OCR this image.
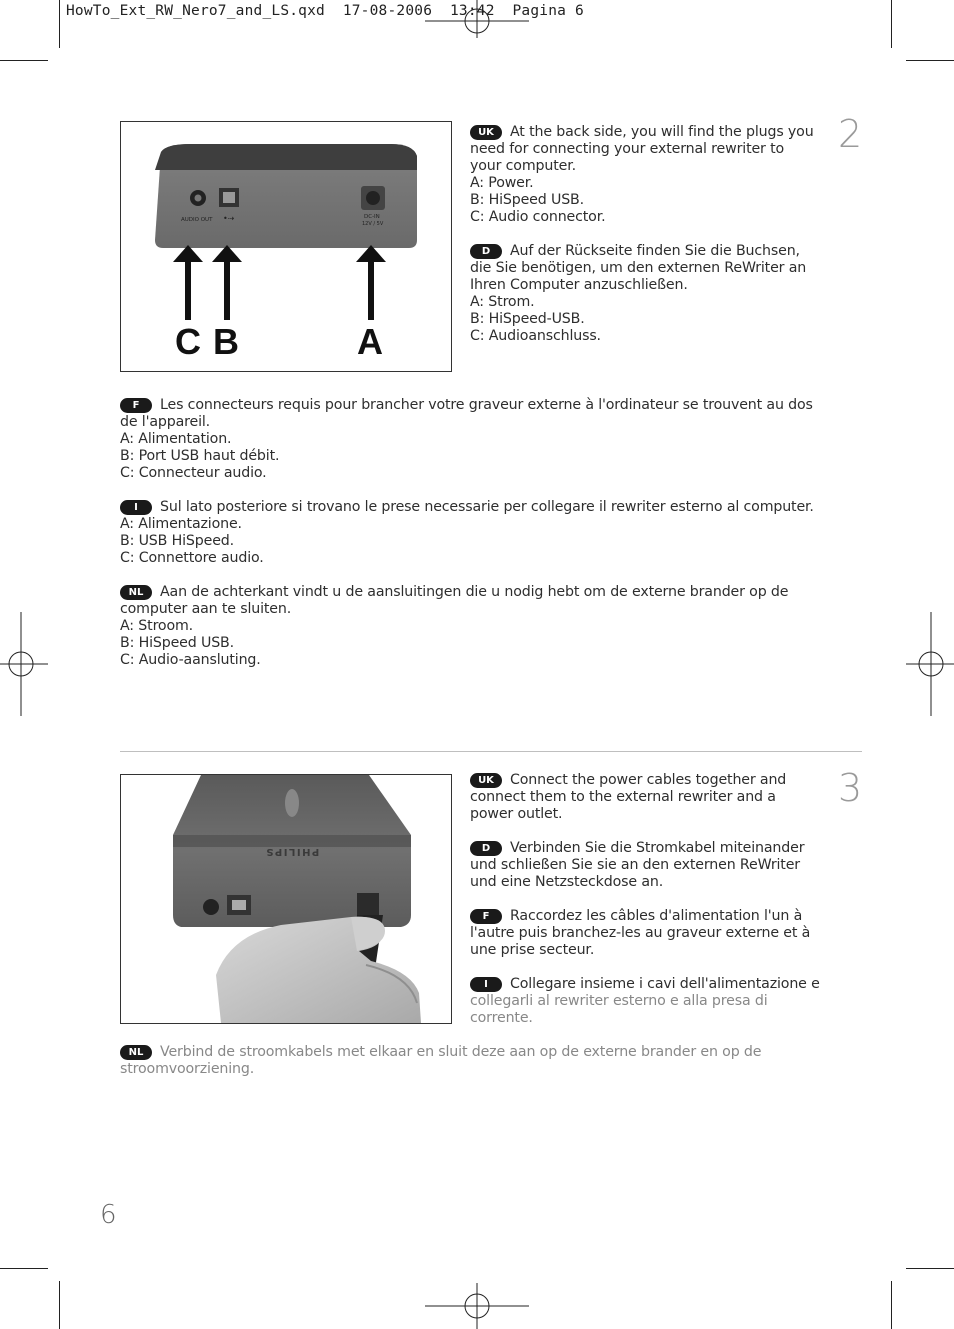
HowTo_Ext_RW_Nero7_and_LS.qxd  17-08-2006  13:42  Pagina 6
AUDIO OUT •⇢	DC-IN
12V / 5V
C B	A
2
UK At the back side, you will find the plugs you
need for connecting your external rewriter to
your computer.
A: Power.
B: HiSpeed USB.
C: Audio connector.
D Auf der Rückseite finden Sie die Buchsen,
die Sie benötigen, um den externen ReWriter an
Ihren Computer anzuschließen.
A: Strom.
B: HiSpeed-USB.
C: Audioanschluss.
F Les connecteurs requis pour brancher votre graveur externe à l'ordinateur se trouvent au dos
de l'appareil.
A: Alimentation.
B: Port USB haut débit.
C: Connecteur audio.
I Sul lato posteriore si trovano le prese necessarie per collegare il rewriter esterno al computer.
A: Alimentazione.
B: USB HiSpeed.
C: Connettore audio.
NL Aan de achterkant vindt u de aansluitingen die u nodig hebt om de externe brander op de
computer aan te sluiten.
A: Stroom.
B: HiSpeed USB.
C: Audio-aansluting.
PHILIPS
3
UK Connect the power cables together and
connect them to the external rewriter and a
power outlet.
D Verbinden Sie die Stromkabel miteinander
und schließen Sie sie an den externen ReWriter
und eine Netzsteckdose an.
F Raccordez les câbles d'alimentation l'un à
l'autre puis branchez-les au graveur externe et à
une prise secteur.
I Collegare insieme i cavi dell'alimentazione e
collegarli al rewriter esterno e alla presa di
corrente.
NL Verbind de stroomkabels met elkaar en sluit deze aan op de externe brander en op de
stroomvoorziening.
6
